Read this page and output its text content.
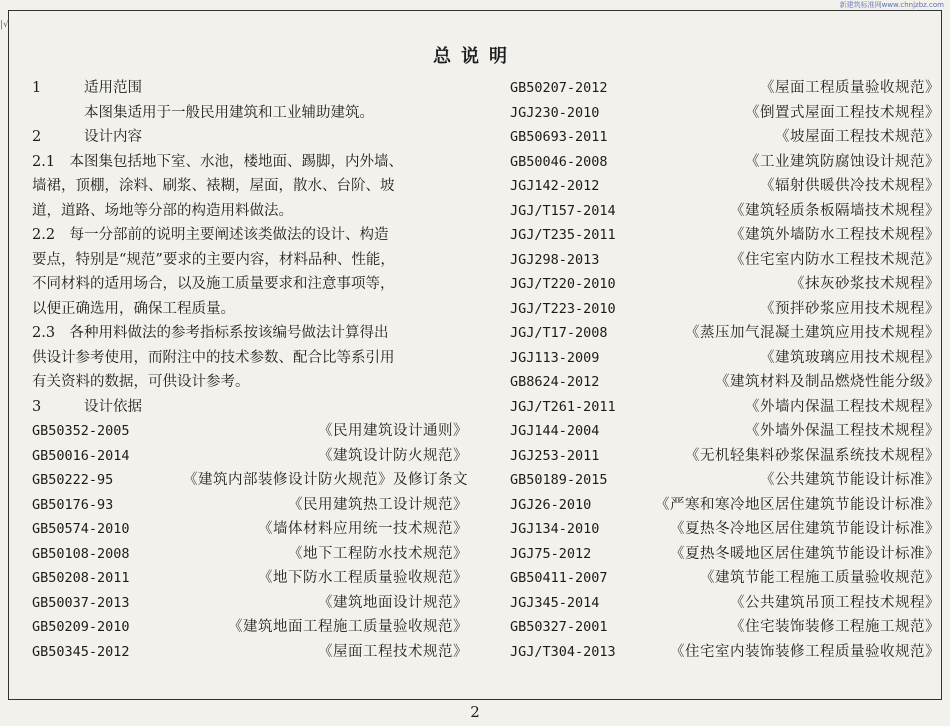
新建筑标准网www.chnjzbz.com
|√
总说明
1	适用范围
本图集适用于一般民用建筑和工业辅助建筑。
2	设计内容
2.1　本图集包括地下室、水池，楼地面、踢脚，内外墙、
墙裙，顶棚，涂料、刷浆、裱糊，屋面，散水、台阶、坡
道，道路、场地等分部的构造用料做法。
2.2　每一分部前的说明主要阐述该类做法的设计、构造
要点，特别是“规范”要求的主要内容，材料品种、性能，
不同材料的适用场合，以及施工质量要求和注意事项等，
以便正确选用，确保工程质量。
2.3　各种用料做法的参考指标系按该编号做法计算得出
供设计参考使用，而附注中的技术参数、配合比等系引用
有关资料的数据，可供设计参考。
3	设计依据
GB50352-2005	《民用建筑设计通则》
GB50016-2014	《建筑设计防火规范》
GB50222-95	《建筑内部装修设计防火规范》及修订条文
GB50176-93	《民用建筑热工设计规范》
GB50574-2010	《墙体材料应用统一技术规范》
GB50108-2008	《地下工程防水技术规范》
GB50208-2011	《地下防水工程质量验收规范》
GB50037-2013	《建筑地面设计规范》
GB50209-2010	《建筑地面工程施工质量验收规范》
GB50345-2012	《屋面工程技术规范》
GB50207-2012	《屋面工程质量验收规范》
JGJ230-2010	《倒置式屋面工程技术规程》
GB50693-2011	《坡屋面工程技术规范》
GB50046-2008	《工业建筑防腐蚀设计规范》
JGJ142-2012	《辐射供暖供冷技术规程》
JGJ/T157-2014	《建筑轻质条板隔墙技术规程》
JGJ/T235-2011	《建筑外墙防水工程技术规程》
JGJ298-2013	《住宅室内防水工程技术规范》
JGJ/T220-2010	《抹灰砂浆技术规程》
JGJ/T223-2010	《预拌砂浆应用技术规程》
JGJ/T17-2008	《蒸压加气混凝土建筑应用技术规程》
JGJ113-2009	《建筑玻璃应用技术规程》
GB8624-2012	《建筑材料及制品燃烧性能分级》
JGJ/T261-2011	《外墙内保温工程技术规程》
JGJ144-2004	《外墙外保温工程技术规程》
JGJ253-2011	《无机轻集料砂浆保温系统技术规程》
GB50189-2015	《公共建筑节能设计标准》
JGJ26-2010	《严寒和寒冷地区居住建筑节能设计标准》
JGJ134-2010	《夏热冬冷地区居住建筑节能设计标准》
JGJ75-2012	《夏热冬暖地区居住建筑节能设计标准》
GB50411-2007	《建筑节能工程施工质量验收规范》
JGJ345-2014	《公共建筑吊顶工程技术规程》
GB50327-2001	《住宅装饰装修工程施工规范》
JGJ/T304-2013	《住宅室内装饰装修工程质量验收规范》
2
